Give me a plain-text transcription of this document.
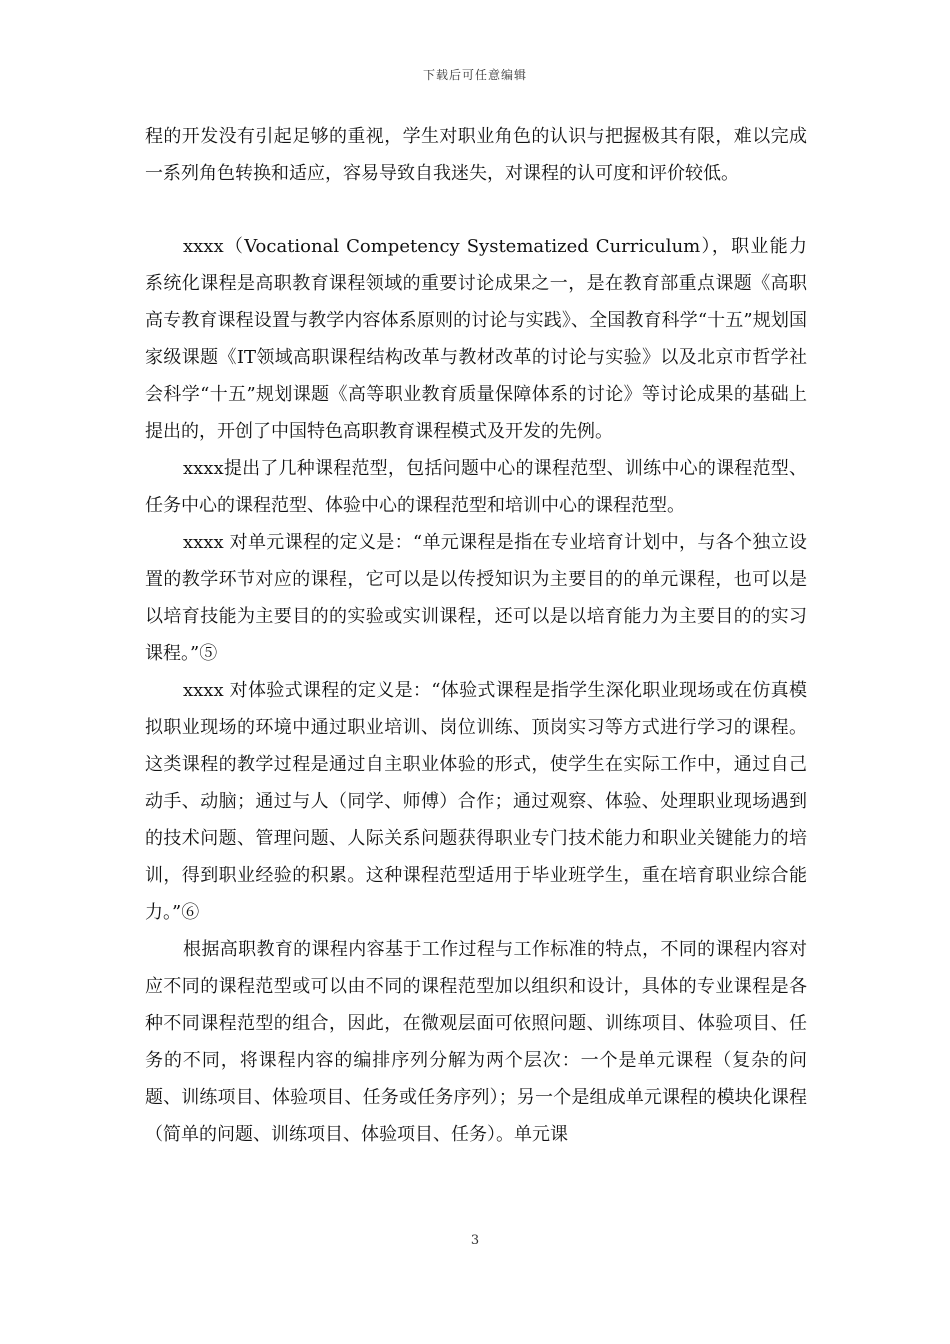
下载后可任意编辑

程的开发没有引起足够的重视，学生对职业角色的认识与把握极其有限，难以完成一系列角色转换和适应，容易导致自我迷失，对课程的认可度和评价较低。

xxxx（Vocational Competency Systematized Curriculum），职业能力系统化课程是高职教育课程领域的重要讨论成果之一，是在教育部重点课题《高职高专教育课程设置与教学内容体系原则的讨论与实践》、全国教育科学“十五”规划国家级课题《IT领域高职课程结构改革与教材改革的讨论与实验》以及北京市哲学社会科学“十五”规划课题《高等职业教育质量保障体系的讨论》等讨论成果的基础上提出的，开创了中国特色高职教育课程模式及开发的先例。

xxxx提出了几种课程范型，包括问题中心的课程范型、训练中心的课程范型、任务中心的课程范型、体验中心的课程范型和培训中心的课程范型。

xxxx 对单元课程的定义是：“单元课程是指在专业培育计划中，与各个独立设置的教学环节对应的课程，它可以是以传授知识为主要目的的单元课程，也可以是以培育技能为主要目的的实验或实训课程，还可以是以培育能力为主要目的的实习课程。”⑤

xxxx 对体验式课程的定义是：“体验式课程是指学生深化职业现场或在仿真模拟职业现场的环境中通过职业培训、岗位训练、顶岗实习等方式进行学习的课程。这类课程的教学过程是通过自主职业体验的形式，使学生在实际工作中，通过自己动手、动脑；通过与人（同学、师傅）合作；通过观察、体验、处理职业现场遇到的技术问题、管理问题、人际关系问题获得职业专门技术能力和职业关键能力的培训，得到职业经验的积累。这种课程范型适用于毕业班学生，重在培育职业综合能力。”⑥

根据高职教育的课程内容基于工作过程与工作标准的特点，不同的课程内容对应不同的课程范型或可以由不同的课程范型加以组织和设计，具体的专业课程是各种不同课程范型的组合，因此，在微观层面可依照问题、训练项目、体验项目、任务的不同，将课程内容的编排序列分解为两个层次：一个是单元课程（复杂的问题、训练项目、体验项目、任务或任务序列）；另一个是组成单元课程的模块化课程（简单的问题、训练项目、体验项目、任务）。单元课

3
